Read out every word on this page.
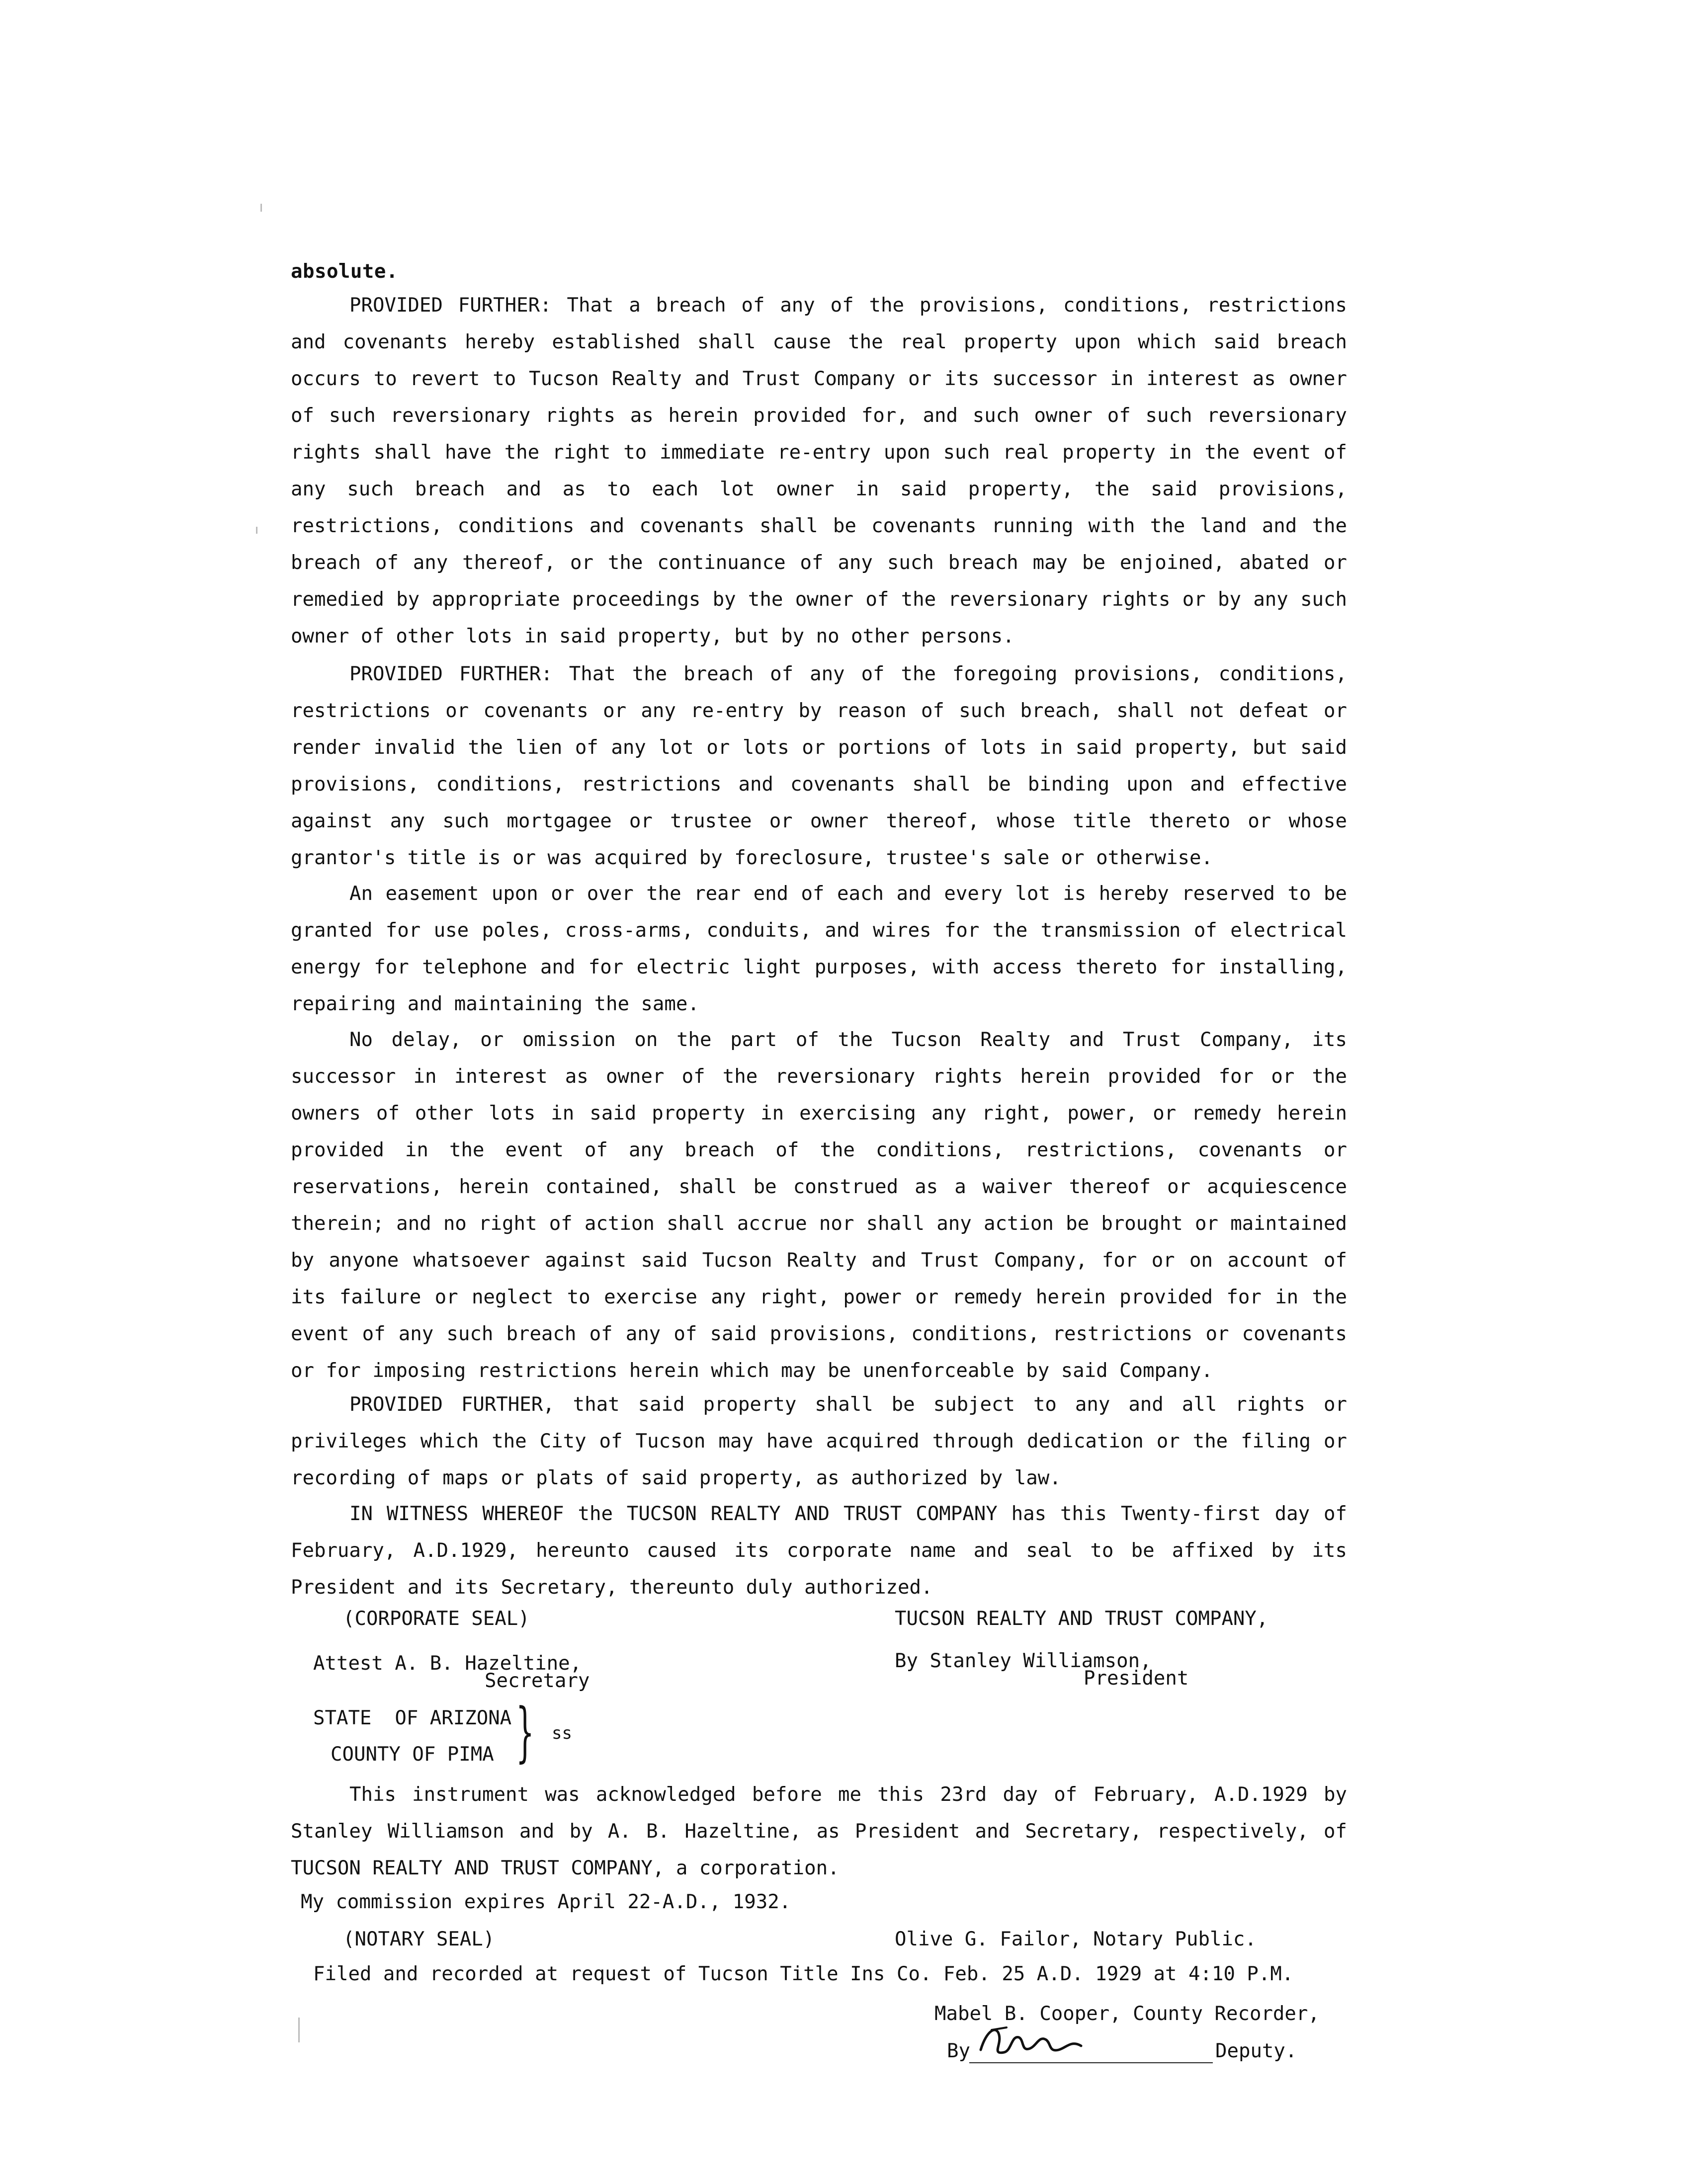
absolute.
PROVIDED FURTHER: That a breach of any of the provisions, conditions, restrictions and covenants hereby established shall cause the real property upon which said breach occurs to revert to Tucson Realty and Trust Company or its successor in interest as owner of such reversionary rights as herein provided for, and such owner of such reversionary rights shall have the right to immediate re-entry upon such real property in the event of any such breach and as to each lot owner in said property, the said provisions, restrictions, conditions and covenants shall be covenants running with the land and the breach of any thereof, or the continuance of any such breach may be enjoined, abated or remedied by appropriate proceedings by the owner of the reversionary rights or by any such owner of other lots in said property, but by no other persons.
PROVIDED FURTHER: That the breach of any of the foregoing provisions, conditions, restrictions or covenants or any re-entry by reason of such breach, shall not defeat or render invalid the lien of any lot or lots or portions of lots in said property, but said provisions, conditions, restrictions and covenants shall be binding upon and effective against any such mortgagee or trustee or owner thereof, whose title thereto or whose grantor's title is or was acquired by foreclosure, trustee's sale or otherwise.
An easement upon or over the rear end of each and every lot is hereby reserved to be granted for use poles, cross-arms, conduits, and wires for the transmission of electrical energy for telephone and for electric light purposes, with access thereto for installing, repairing and maintaining the same.
No delay, or omission on the part of the Tucson Realty and Trust Company, its successor in interest as owner of the reversionary rights herein provided for or the owners of other lots in said property in exercising any right, power, or remedy herein provided in the event of any breach of the conditions, restrictions, covenants or reservations, herein contained, shall be construed as a waiver thereof or acquiescence therein; and no right of action shall accrue nor shall any action be brought or maintained by anyone whatsoever against said Tucson Realty and Trust Company, for or on account of its failure or neglect to exercise any right, power or remedy herein provided for in the event of any such breach of any of said provisions, conditions, restrictions or covenants or for imposing restrictions herein which may be unenforceable by said Company.
PROVIDED FURTHER, that said property shall be subject to any and all rights or privileges which the City of Tucson may have acquired through dedication or the filing or recording of maps or plats of said property, as authorized by law.
IN WITNESS WHEREOF the TUCSON REALTY AND TRUST COMPANY has this Twenty-first day of February, A.D.1929, hereunto caused its corporate name and seal to be affixed by its President and its Secretary, thereunto duly authorized.
(CORPORATE SEAL)	TUCSON REALTY AND TRUST COMPANY,
Attest A. B. Hazeltine,
Secretary
By Stanley Williamson,
President
STATE  OF ARIZONA
COUNTY OF PIMA } ss
This instrument was acknowledged before me this 23rd day of February, A.D.1929 by Stanley Williamson and by A. B. Hazeltine, as President and Secretary, respectively, of TUCSON REALTY AND TRUST COMPANY, a corporation.
My commission expires April 22-A.D., 1932.
(NOTARY SEAL)	Olive G. Failor, Notary Public.
Filed and recorded at request of Tucson Title Ins Co. Feb. 25 A.D. 1929 at 4:10 P.M.
Mabel B. Cooper, County Recorder,
By	Deputy.
